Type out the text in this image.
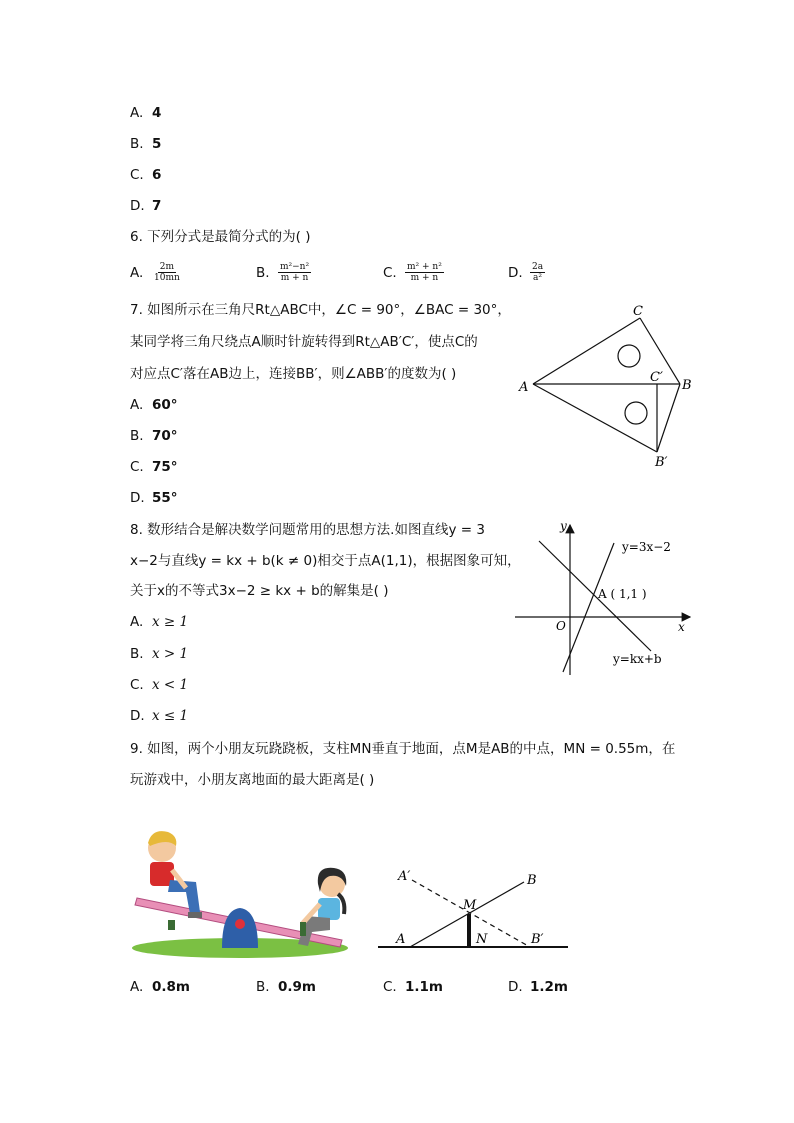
A. 4
B. 5
C. 6
D. 7
6. 下列分式是最简分式的为( )
A. $\frac{2m}{10mn}$	B. $\frac{\text{m²−n²}}{m + n}$	C. $\frac{\text{m² + n²}}{m + n}$	D. $\frac{2a}{\text{a²}}$
7. 如图所示在三角尺Rt△ABC中，∠C = 90°，∠BAC = 30°，
某同学将三角尺绕点A顺时针旋转得到Rt△AB′C′，使点C的
对应点C′落在AB边上，连接BB′，则∠ABB′的度数为( )
A. 60°
B. 70°
C. 75°
D. 55°
A	B
C
C′
B′
8. 数形结合是解决数学问题常用的思想方法.如图直线y = 3
x−2与直线y = kx + b(k ≠ 0)相交于点A(1,1)，根据图象可知，
关于x的不等式3x−2 ≥ kx + b的解集是( )
A. x ≥ 1
B. x > 1
C. x < 1
D. x ≤ 1
y
x
O
y=3x−2
y=kx+b
A ( 1,1 )
9. 如图，两个小朋友玩跷跷板，支柱MN垂直于地面，点M是AB的中点，MN = 0.55m，在
玩游戏中，小朋友离地面的最大距离是( )
A′	B
M
A	N	B′
A. 0.8m	B. 0.9m	C. 1.1m	D. 1.2m
